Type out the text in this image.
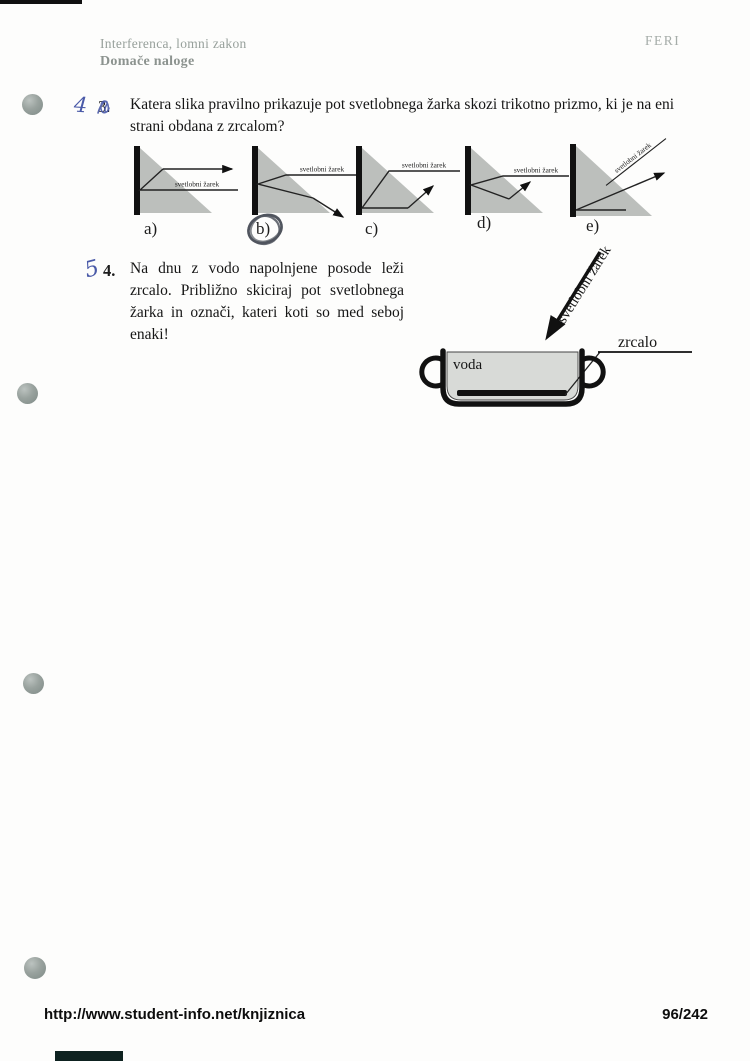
Interferenca, lomni zakon
Domače naloge
FERI
4 3. Katera slika pravilno prikazuje pot svetlobnega žarka skozi trikotno prizmo, ki je na eni strani obdana z zrcalom?
svetlobni žarek
a)
svetlobni žarek
b)
svetlobni žarek
c)
svetlobni žarek
d)
svetlobni žarek
e)
5 4. Na dnu z vodo napolnjene posode leži zrcalo. Približno skiciraj pot svetlobnega žarka in označi, kateri koti so med seboj enaki!
svetlobni žarek
voda
zrcalo
http://www.student-info.net/knjiznica	96/242
